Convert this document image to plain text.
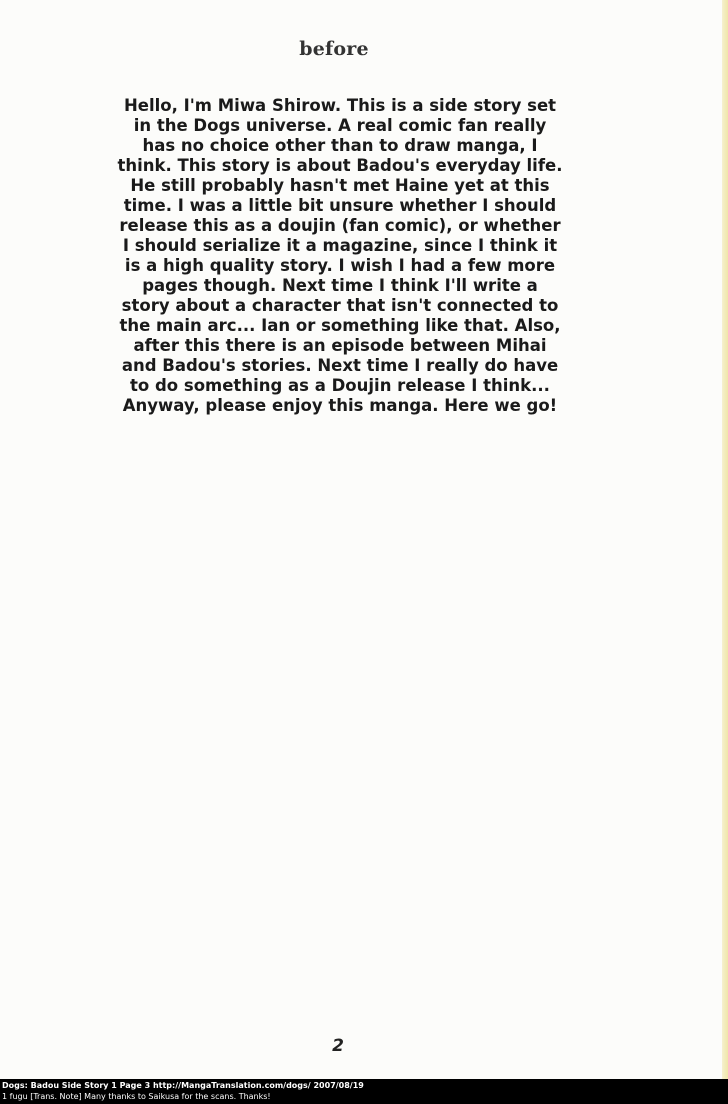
before
Hello, I'm Miwa Shirow. This is a side story set
in the Dogs universe. A real comic fan really
has no choice other than to draw manga, I
think. This story is about Badou's everyday life.
He still probably hasn't met Haine yet at this
time. I was a little bit unsure whether I should
release this as a doujin (fan comic), or whether
I should serialize it a magazine, since I think it
is a high quality story. I wish I had a few more
pages though. Next time I think I'll write a
story about a character that isn't connected to
the main arc... Ian or something like that. Also,
after this there is an episode between Mihai
and Badou's stories. Next time I really do have
to do something as a Doujin release I think...
Anyway, please enjoy this manga. Here we go!
2
Dogs: Badou Side Story 1 Page 3 http://MangaTranslation.com/dogs/ 2007/08/19
1 fugu [Trans. Note] Many thanks to Saikusa for the scans. Thanks!
